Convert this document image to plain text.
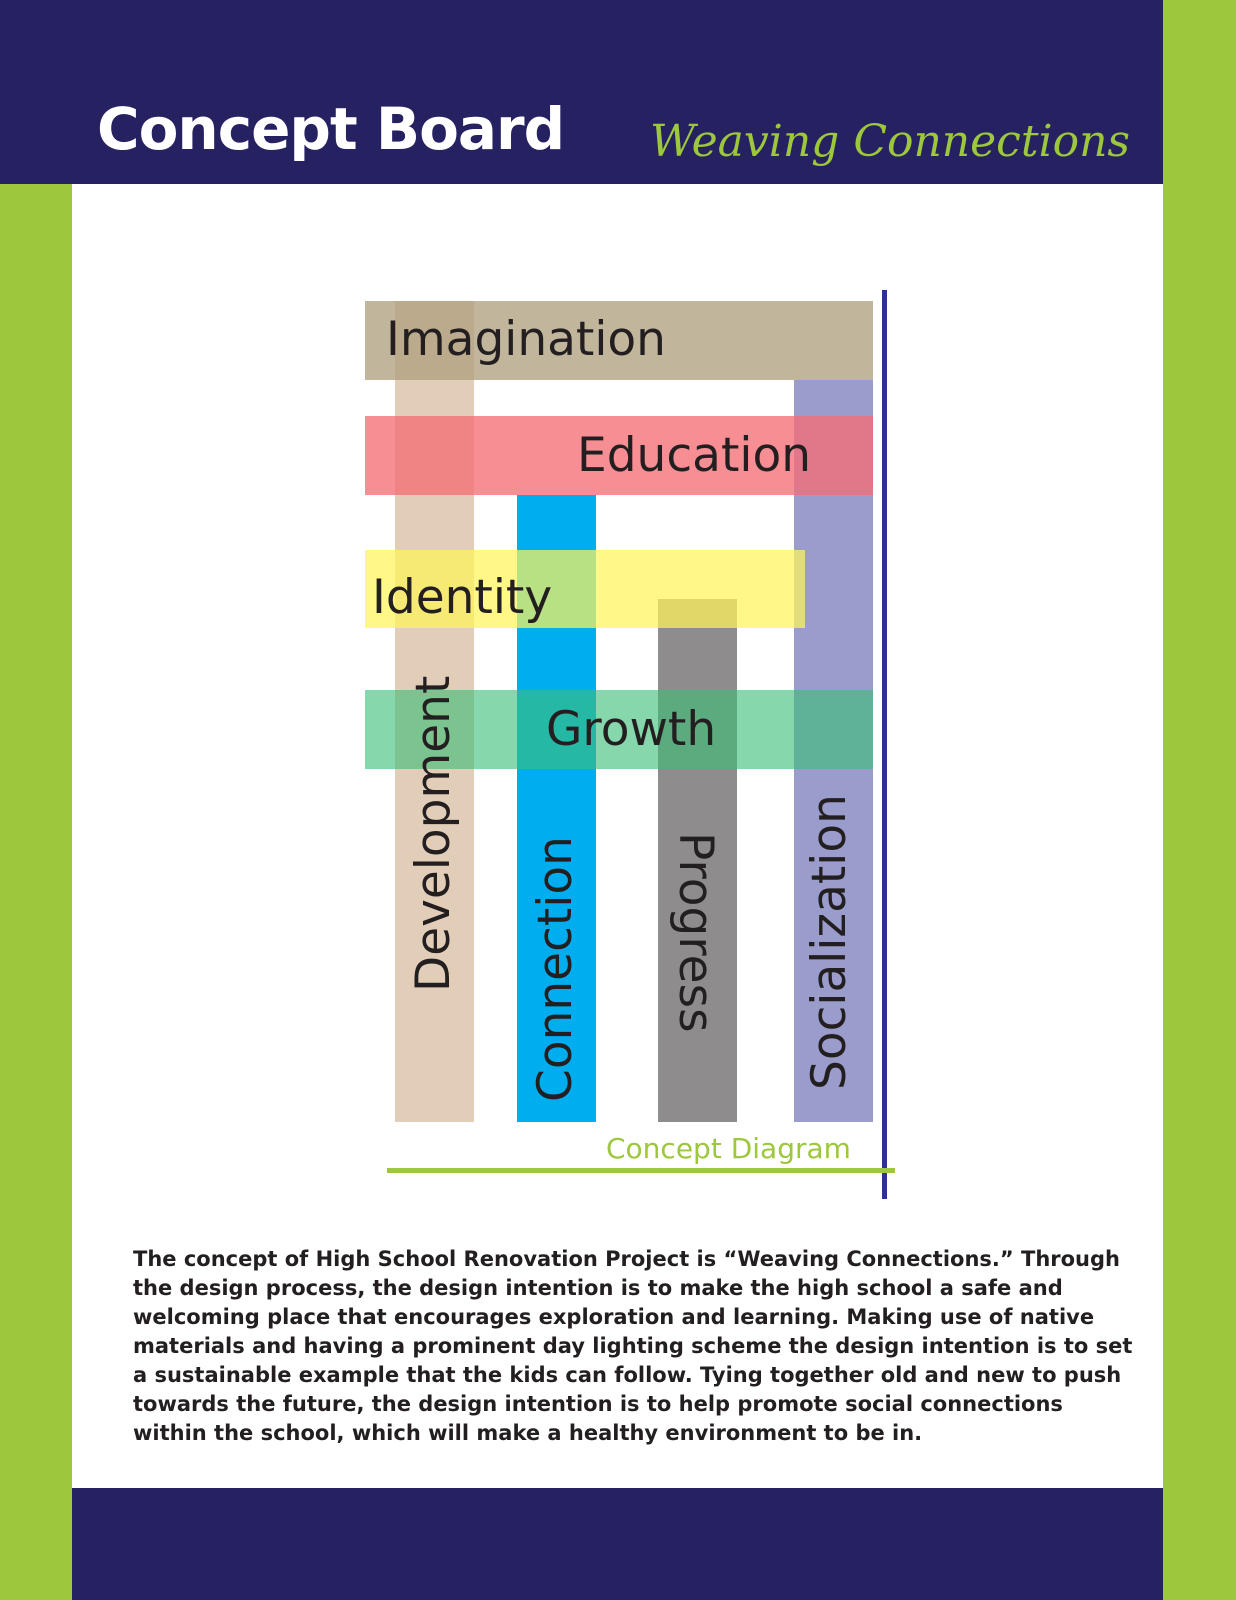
Concept Board Weaving Connections
Imagination
Education
Identity
Growth
Development Connection Progress Socialization
Concept Diagram

The concept of High School Renovation Project is “Weaving Connections.” Through the design process, the design intention is to make the high school a safe and welcoming place that encourages exploration and learning. Making use of native materials and having a prominent day lighting scheme the design intention is to set a sustainable example that the kids can follow. Tying together old and new to push towards the future, the design intention is to help promote social connections within the school, which will make a healthy environment to be in.
